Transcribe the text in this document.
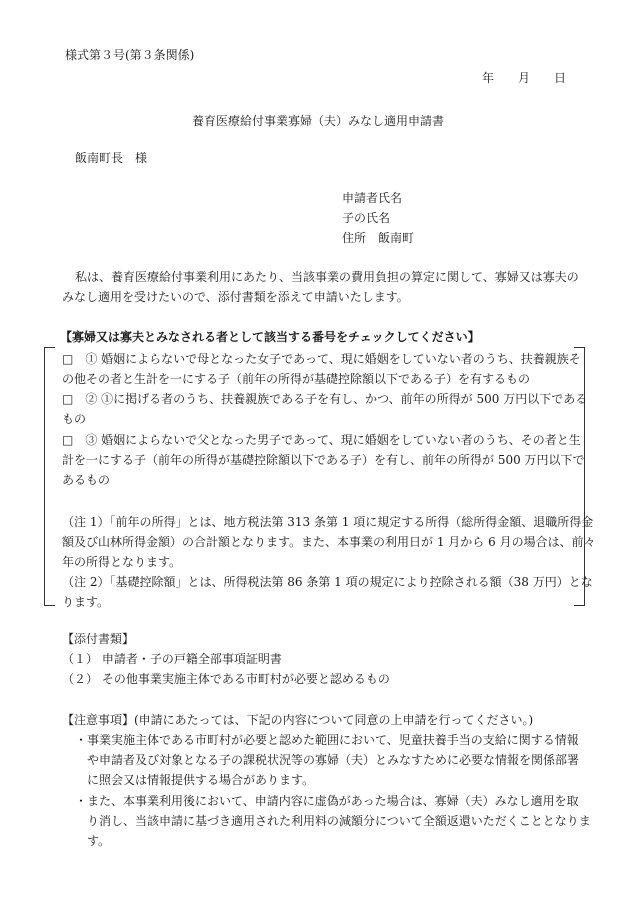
様式第３号(第３条関係)
年 月 日
養育医療給付事業寡婦（夫）みなし適用申請書
飯南町長　様
申請者氏名
子の氏名
住所　飯南町
私は、養育医療給付事業利用にあたり、当該事業の費用負担の算定に関して、寡婦又は寡夫の
みなし適用を受けたいので、添付書類を添えて申請いたします。
【寡婦又は寡夫とみなされる者として該当する番号をチェックしてください】
□　① 婚姻によらないで母となった女子であって、現に婚姻をしていない者のうち、扶養親族そ
の他その者と生計を一にする子（前年の所得が基礎控除額以下である子）を有するもの
□　② ①に掲げる者のうち、扶養親族である子を有し、かつ、前年の所得が 500 万円以下である
もの
□　③ 婚姻によらないで父となった男子であって、現に婚姻をしていない者のうち、その者と生
計を一にする子（前年の所得が基礎控除額以下である子）を有し、前年の所得が 500 万円以下で
あるもの
（注 1）「前年の所得」とは、地方税法第 313 条第 1 項に規定する所得（総所得金額、退職所得金
額及び山林所得金額）の合計額となります。また、本事業の利用日が 1 月から 6 月の場合は、前々
年の所得となります。
（注 2）「基礎控除額」とは、所得税法第 86 条第 1 項の規定により控除される額（38 万円）とな
ります。
【添付書類】
（１） 申請者・子の戸籍全部事項証明書
（２） その他事業実施主体である市町村が必要と認めるもの
【注意事項】(申請にあたっては、下記の内容について同意の上申請を行ってください。)
・事業実施主体である市町村が必要と認めた範囲において、児童扶養手当の支給に関する情報
や申請者及び対象となる子の課税状況等の寡婦（夫）とみなすために必要な情報を関係部署
に照会又は情報提供する場合があります。
・また、本事業利用後において、申請内容に虚偽があった場合は、寡婦（夫）みなし適用を取
り消し、当該申請に基づき適用された利用料の減額分について全額返還いただくこととなりま
す。
